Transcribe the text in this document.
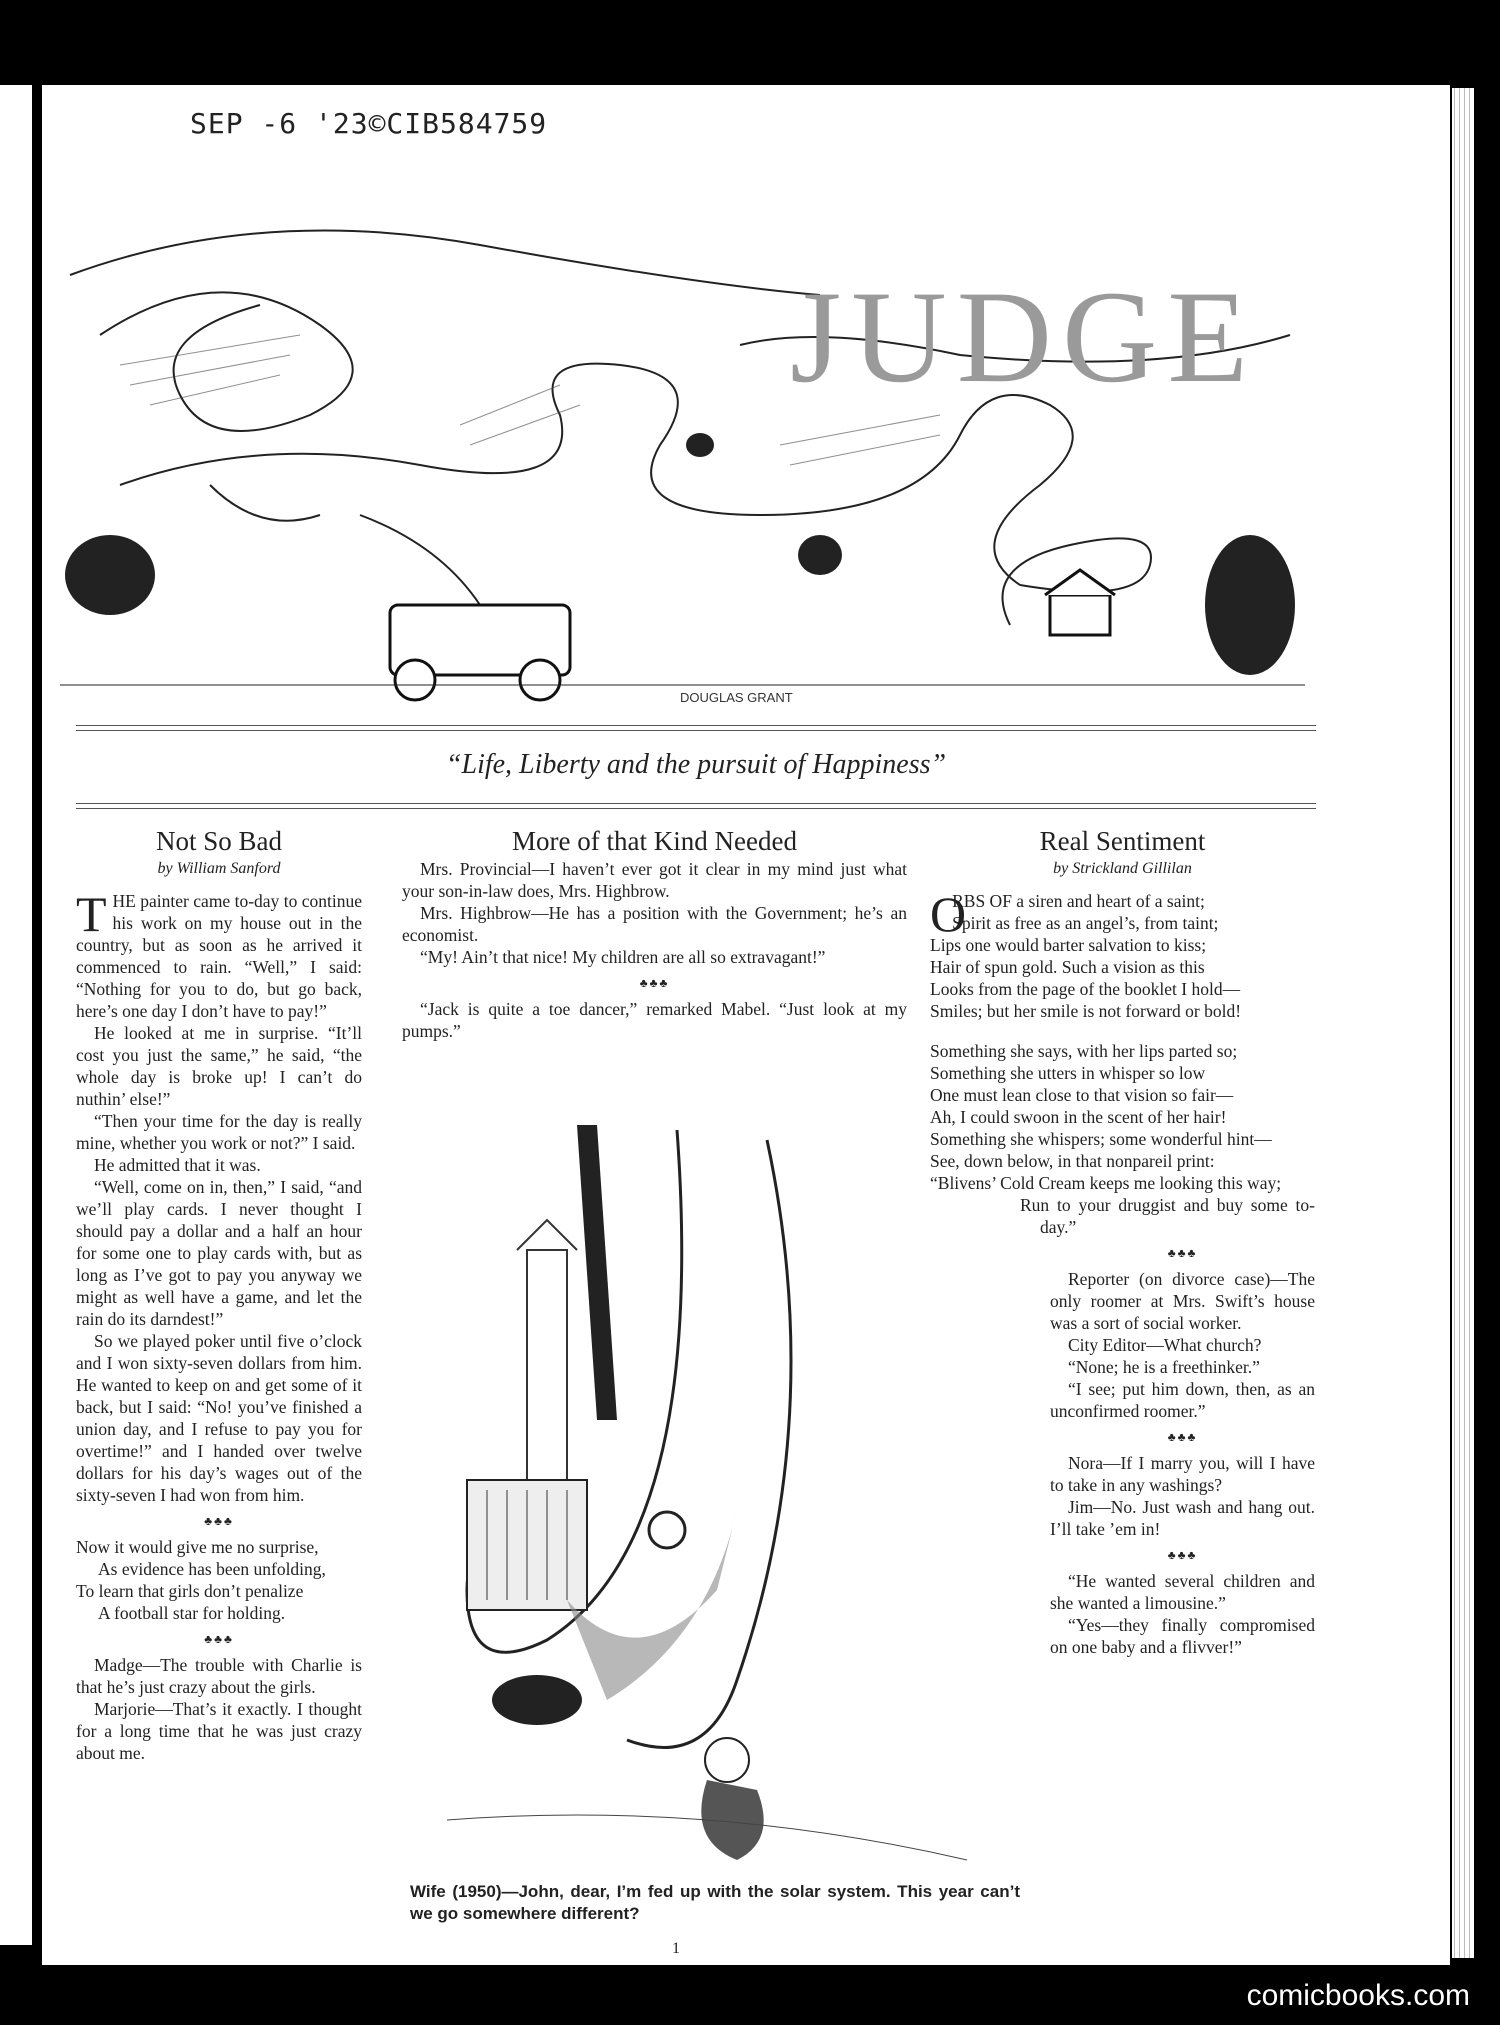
SEP -6 '23©CIB584759
JUDGE
DOUGLAS GRANT
“Life, Liberty and the pursuit of Happiness”
Not So Bad
by William Sanford

THE painter came to-day to continue his work on my house out in the country, but as soon as he arrived it commenced to rain. “Well,” I said: “Nothing for you to do, but go back, here’s one day I don’t have to pay!”

He looked at me in surprise. “It’ll cost you just the same,” he said, “the whole day is broke up! I can’t do nuthin’ else!”

“Then your time for the day is really mine, whether you work or not?” I said.

He admitted that it was.

“Well, come on in, then,” I said, “and we’ll play cards. I never thought I should pay a dollar and a half an hour for some one to play cards with, but as long as I’ve got to pay you anyway we might as well have a game, and let the rain do its darndest!”

So we played poker until five o’clock and I won sixty-seven dollars from him. He wanted to keep on and get some of it back, but I said: “No! you’ve finished a union day, and I refuse to pay you for overtime!” and I handed over twelve dollars for his day’s wages out of the sixty-seven I had won from him.

♣♣♣
Now it would give me no surprise,
As evidence has been unfolding,
To learn that girls don’t penalize
A football star for holding.
♣♣♣

Madge—The trouble with Charlie is that he’s just crazy about the girls.

Marjorie—That’s it exactly. I thought for a long time that he was just crazy about me.

More of that Kind Needed

Mrs. Provincial—I haven’t ever got it clear in my mind just what your son-in-law does, Mrs. Highbrow.

Mrs. Highbrow—He has a position with the Government; he’s an economist.

“My! Ain’t that nice! My children are all so extravagant!”

♣♣♣

“Jack is quite a toe dancer,” remarked Mabel. “Just look at my pumps.”

Wife (1950)—John, dear, I’m fed up with the solar system. This year can’t we go somewhere different?
Real Sentiment
by Strickland Gillilan
O
RBS OF a siren and heart of a saint;
Spirit as free as an angel’s, from taint;
Lips one would barter salvation to kiss;
Hair of spun gold. Such a vision as this
Looks from the page of the booklet I hold—
Smiles; but her smile is not forward or bold!
Something she says, with her lips parted so;
Something she utters in whisper so low
One must lean close to that vision so fair—
Ah, I could swoon in the scent of her hair!
Something she whispers; some wonderful hint—
See, down below, in that nonpareil print:
“Blivens’ Cold Cream keeps me looking this way;
Run to your druggist and buy some to-day.”
♣♣♣

Reporter (on divorce case)—The only roomer at Mrs. Swift’s house was a sort of social worker.

City Editor—What church?

“None; he is a freethinker.”

“I see; put him down, then, as an unconfirmed roomer.”

♣♣♣

Nora—If I marry you, will I have to take in any washings?

Jim—No. Just wash and hang out. I’ll take ’em in!

♣♣♣

“He wanted several children and she wanted a limousine.”

“Yes—they finally compromised on one baby and a flivver!”

1
comicbooks.com
